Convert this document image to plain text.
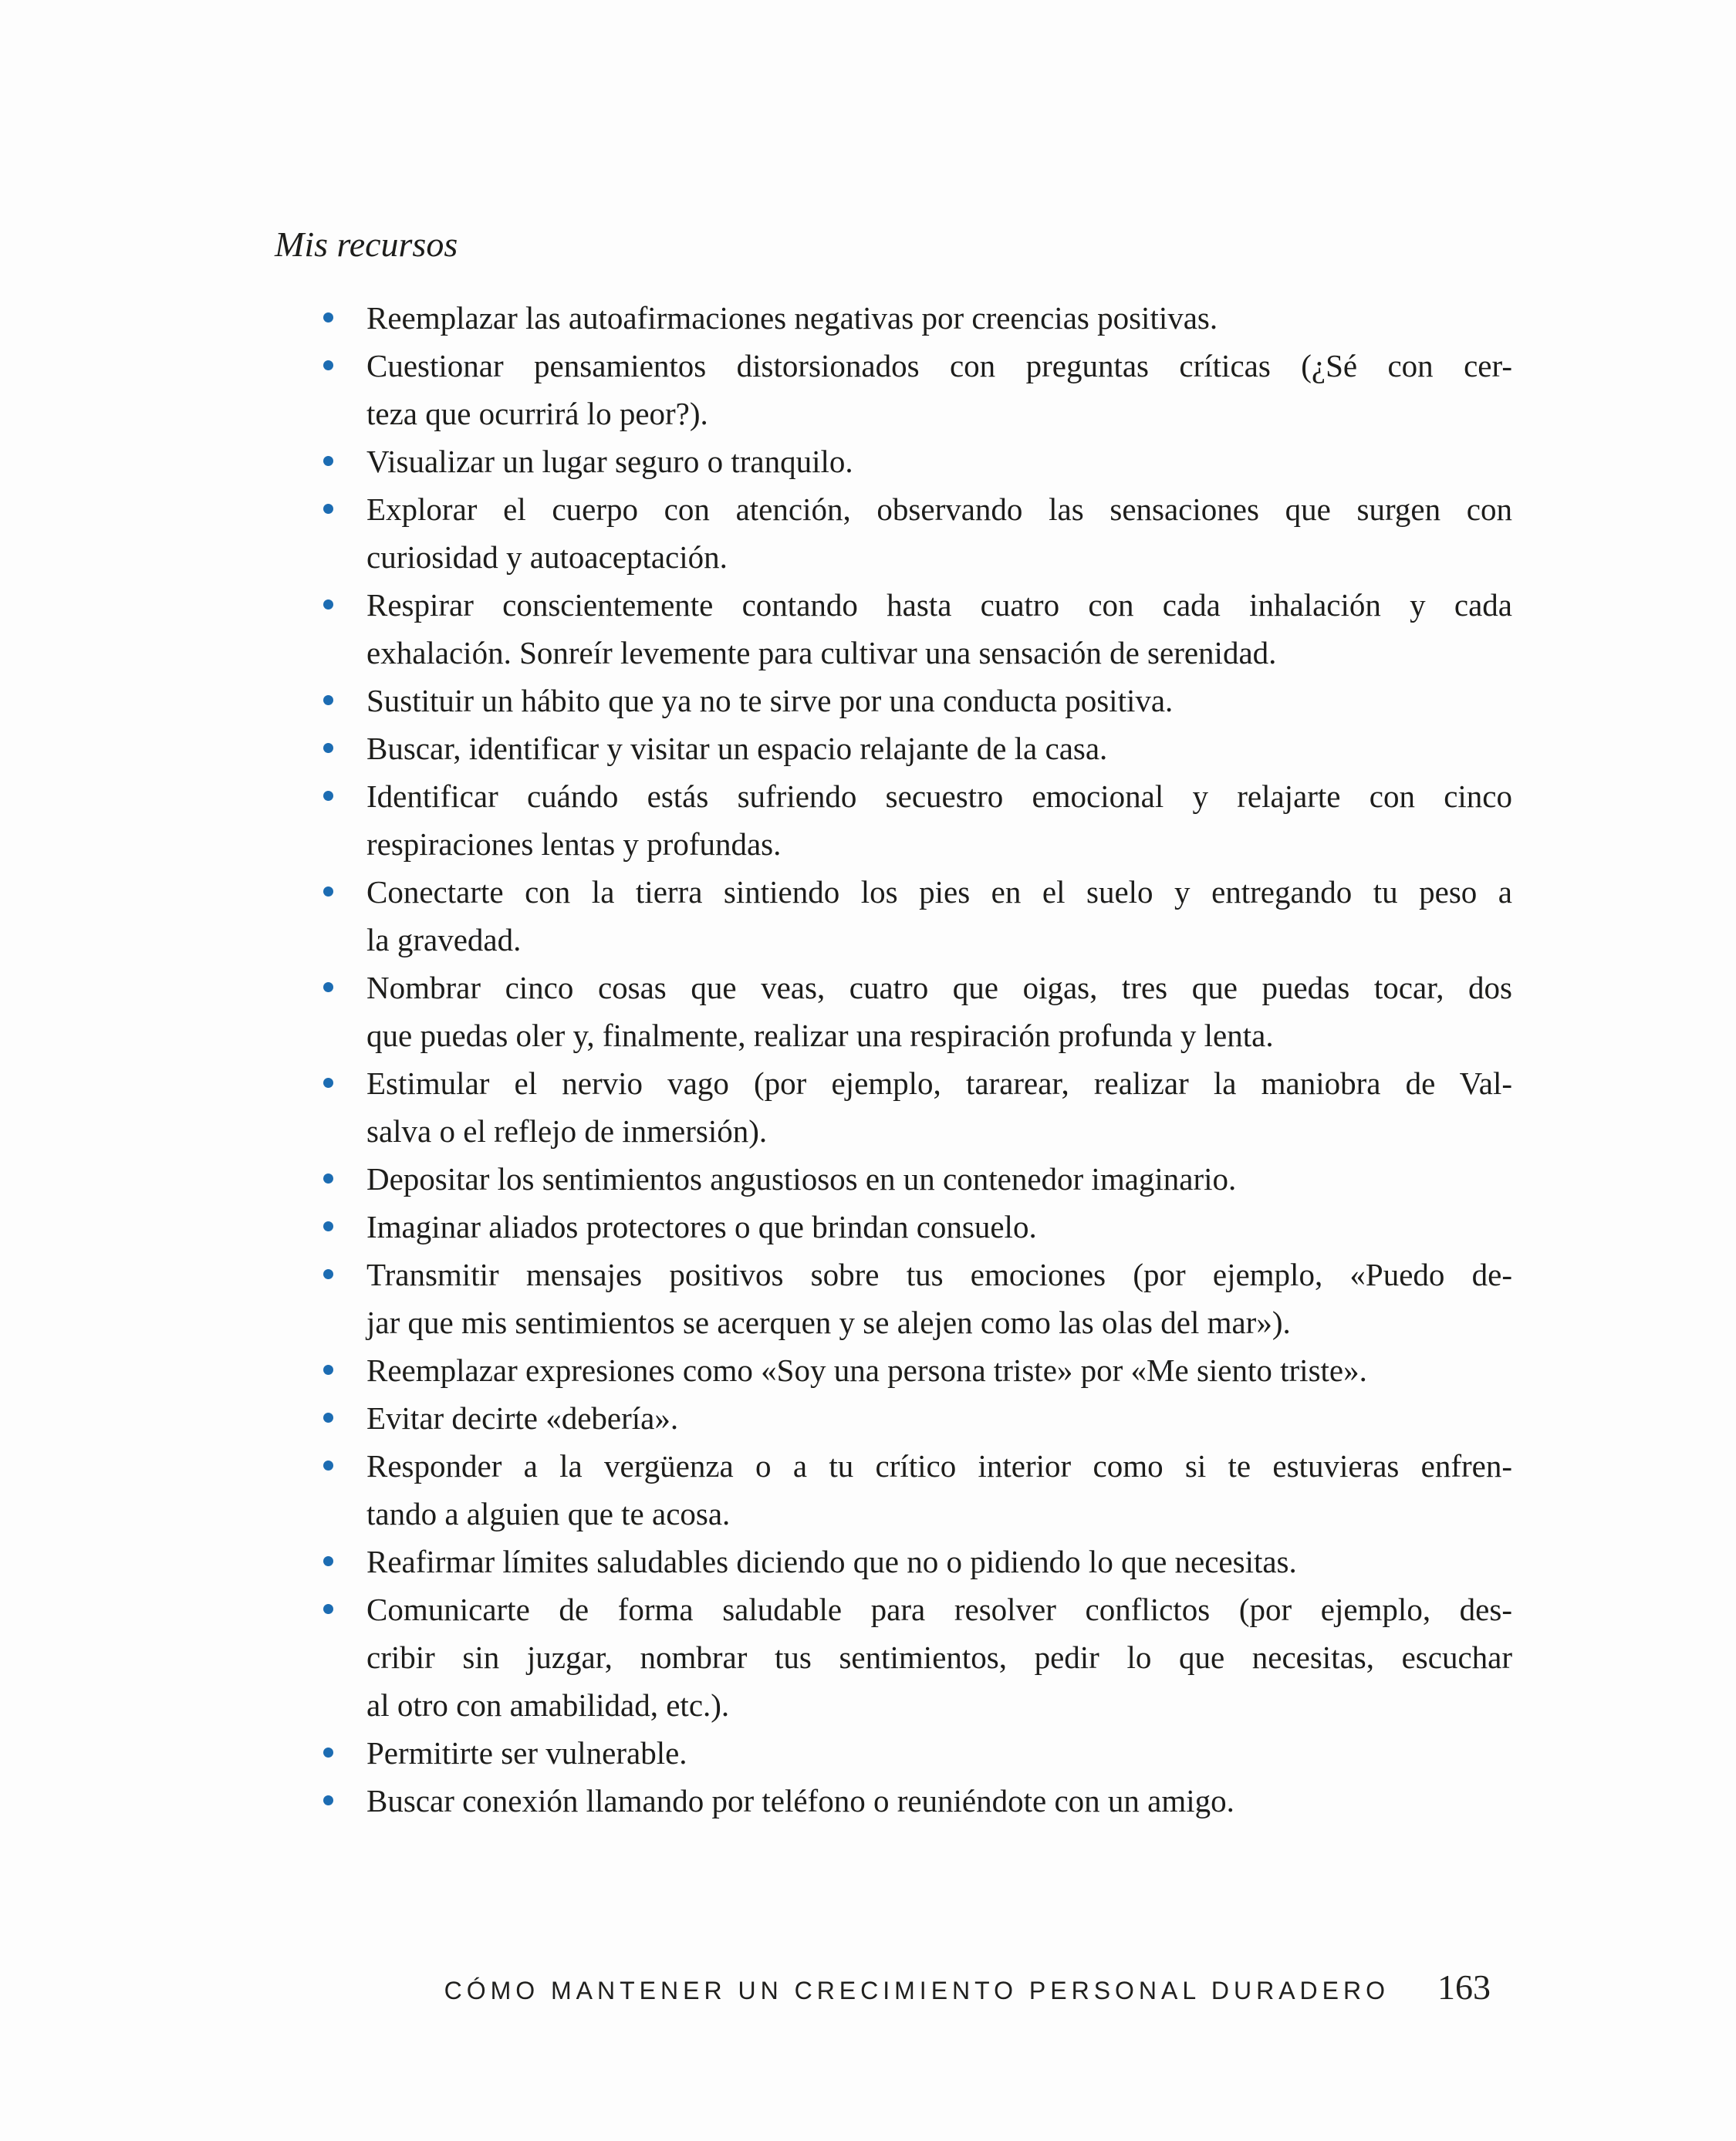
Mis recursos
Reemplazar las autoafirmaciones negativas por creencias positivas.
Cuestionar pensamientos distorsionados con preguntas críticas (¿Sé con cer-
teza que ocurrirá lo peor?).
Visualizar un lugar seguro o tranquilo.
Explorar el cuerpo con atención, observando las sensaciones que surgen con
curiosidad y autoaceptación.
Respirar conscientemente contando hasta cuatro con cada inhalación y cada
exhalación. Sonreír levemente para cultivar una sensación de serenidad.
Sustituir un hábito que ya no te sirve por una conducta positiva.
Buscar, identificar y visitar un espacio relajante de la casa.
Identificar cuándo estás sufriendo secuestro emocional y relajarte con cinco
respiraciones lentas y profundas.
Conectarte con la tierra sintiendo los pies en el suelo y entregando tu peso a
la gravedad.
Nombrar cinco cosas que veas, cuatro que oigas, tres que puedas tocar, dos
que puedas oler y, finalmente, realizar una respiración profunda y lenta.
Estimular el nervio vago (por ejemplo, tararear, realizar la maniobra de Val-
salva o el reflejo de inmersión).
Depositar los sentimientos angustiosos en un contenedor imaginario.
Imaginar aliados protectores o que brindan consuelo.
Transmitir mensajes positivos sobre tus emociones (por ejemplo, «Puedo de-
jar que mis sentimientos se acerquen y se alejen como las olas del mar»).
Reemplazar expresiones como «Soy una persona triste» por «Me siento triste».
Evitar decirte «debería».
Responder a la vergüenza o a tu crítico interior como si te estuvieras enfren-
tando a alguien que te acosa.
Reafirmar límites saludables diciendo que no o pidiendo lo que necesitas.
Comunicarte de forma saludable para resolver conflictos (por ejemplo, des-
cribir sin juzgar, nombrar tus sentimientos, pedir lo que necesitas, escuchar
al otro con amabilidad, etc.).
Permitirte ser vulnerable.
Buscar conexión llamando por teléfono o reuniéndote con un amigo.
CÓMO MANTENER UN CRECIMIENTO PERSONAL DURADERO 163
